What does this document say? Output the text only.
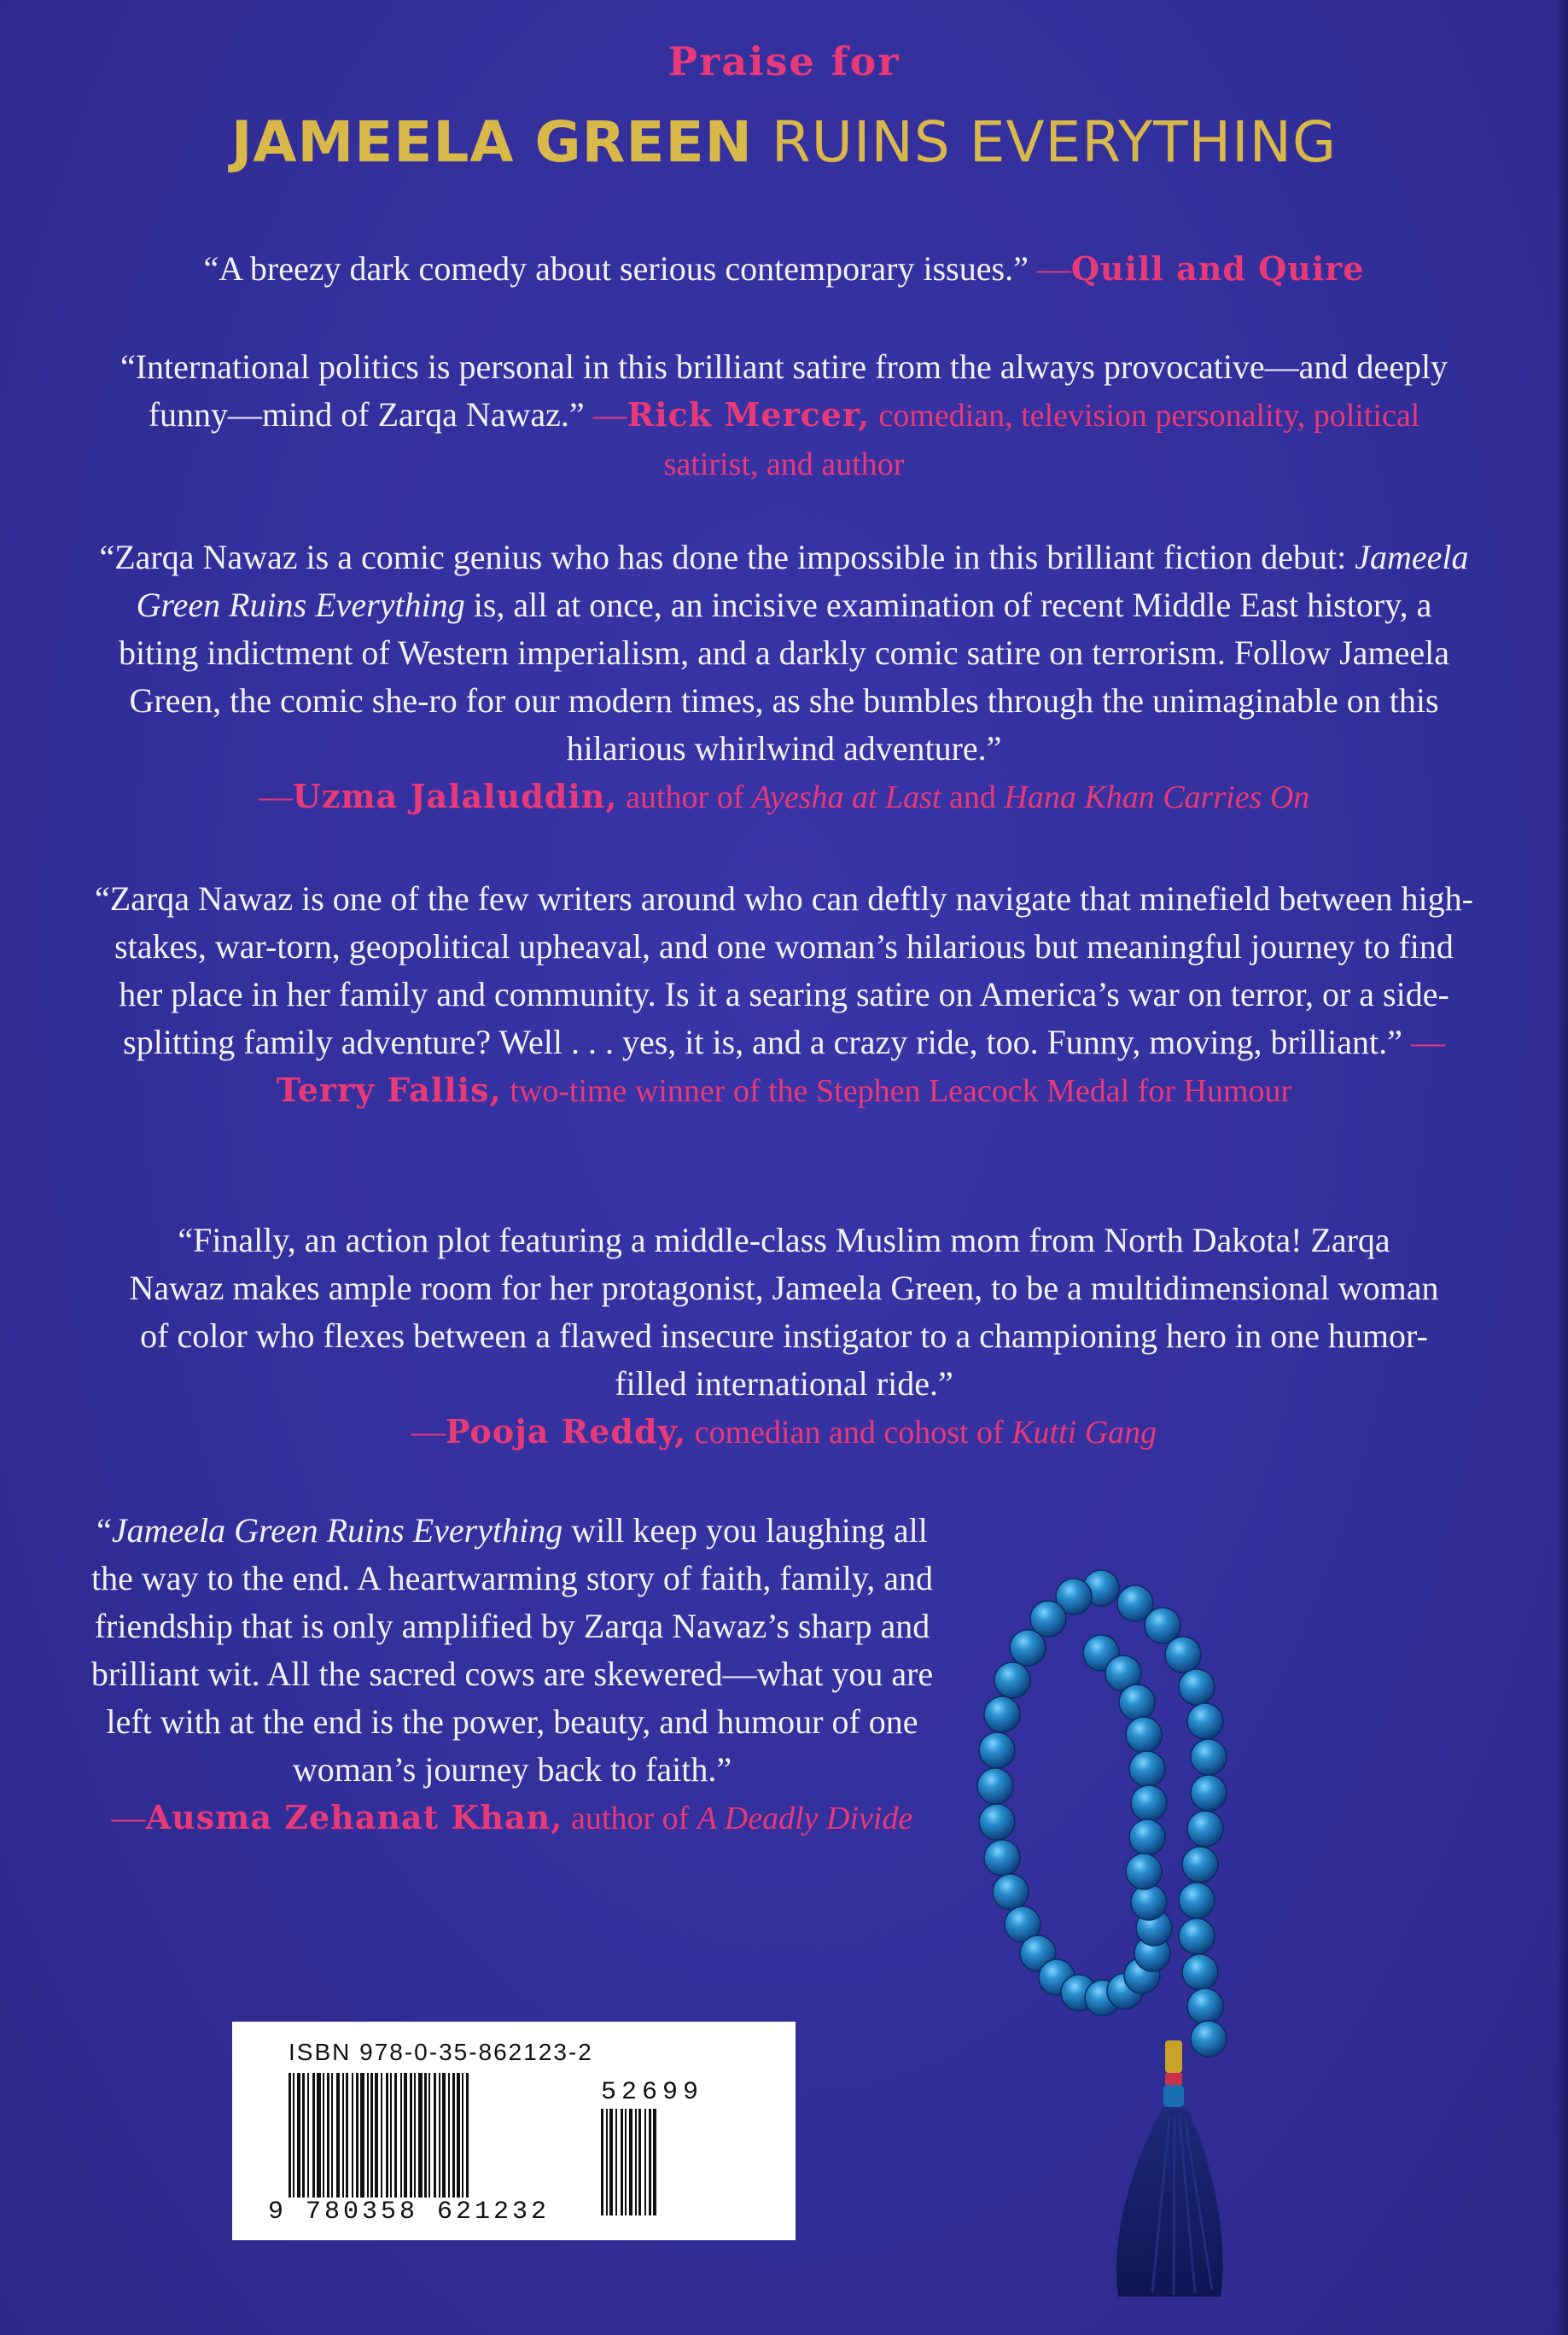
Praise for
JAMEELA GREEN RUINS EVERYTHING
“A breezy dark comedy about serious contemporary issues.” —Quill and Quire
“International politics is personal in this brilliant satire from the always provocative—and deeply funny—mind of Zarqa Nawaz.” —Rick Mercer, comedian, television personality, political satirist, and author
“Zarqa Nawaz is a comic genius who has done the impossible in this brilliant fiction debut: Jameela Green Ruins Everything is, all at once, an incisive examination of recent Middle East history, a biting indictment of Western imperialism, and a darkly comic satire on terrorism. Follow Jameela Green, the comic she-ro for our modern times, as she bumbles through the unimaginable on this hilarious whirlwind adventure.”
—Uzma Jalaluddin, author of Ayesha at Last and Hana Khan Carries On
“Zarqa Nawaz is one of the few writers around who can deftly navigate that minefield between high-stakes, war-torn, geopolitical upheaval, and one woman’s hilarious but meaningful journey to find her place in her family and community. Is it a searing satire on America’s war on terror, or a side-splitting family adventure? Well . . . yes, it is, and a crazy ride, too. Funny, moving, brilliant.” —Terry Fallis, two-time winner of the Stephen Leacock Medal for Humour
“Finally, an action plot featuring a middle-class Muslim mom from North Dakota! Zarqa Nawaz makes ample room for her protagonist, Jameela Green, to be a multidimensional woman of color who flexes between a flawed insecure instigator to a championing hero in one humor-filled international ride.”
—Pooja Reddy, comedian and cohost of Kutti Gang
“Jameela Green Ruins Everything will keep you laughing all the way to the end. A heartwarming story of faith, family, and friendship that is only amplified by Zarqa Nawaz’s sharp and brilliant wit. All the sacred cows are skewered—what you are left with at the end is the power, beauty, and humour of one woman’s journey back to faith.”
—Ausma Zehanat Khan, author of A Deadly Divide
ISBN 978-0-35-862123-2
9 780358 621232
52699
